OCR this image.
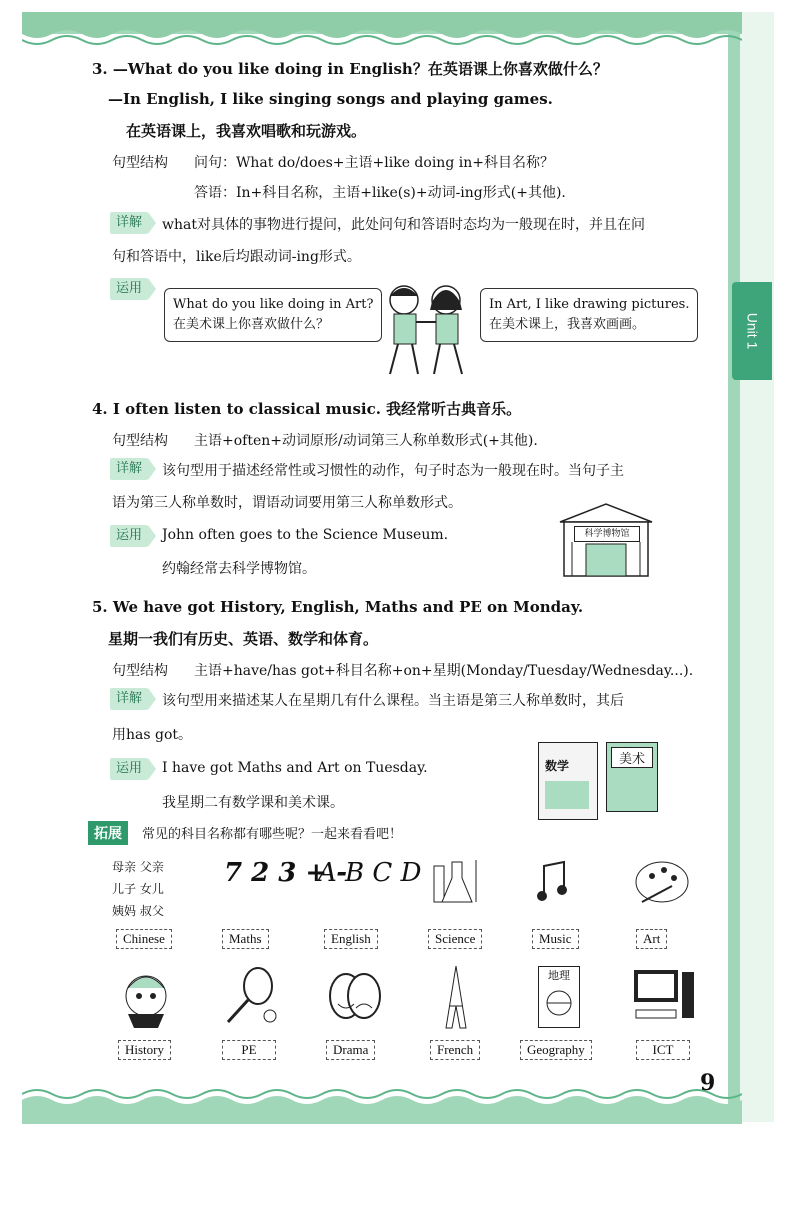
Unit 1
3. —What do you like doing in English？在英语课上你喜欢做什么？
—In English, I like singing songs and playing games.
在英语课上，我喜欢唱歌和玩游戏。
句型结构 问句：What do/does+主语+like doing in+科目名称？
答语：In+科目名称，主语+like(s)+动词-ing形式(+其他).
详解	what对具体的事物进行提问，此处问句和答语时态均为一般现在时，并且在问
句和答语中，like后均跟动词-ing形式。
运用
What do you like doing in Art?
在美术课上你喜欢做什么？
In Art, I like drawing pictures.
在美术课上，我喜欢画画。
4. I often listen to classical music. 我经常听古典音乐。
句型结构 主语+often+动词原形/动词第三人称单数形式(+其他).
详解	该句型用于描述经常性或习惯性的动作，句子时态为一般现在时。当句子主
语为第三人称单数时，谓语动词要用第三人称单数形式。
运用	John often goes to the Science Museum.
约翰经常去科学博物馆。
科学博物馆
5. We have got History, English, Maths and PE on Monday.
星期一我们有历史、英语、数学和体育。
句型结构 主语+have/has got+科目名称+on+星期(Monday/Tuesday/Wednesday...).
详解	该句型用来描述某人在星期几有什么课程。当主语是第三人称单数时，其后
用has got。
运用	I have got Maths and Art on Tuesday.
我星期二有数学课和美术课。
数学	美术
拓展	常见的科目名称都有哪些呢？一起来看看吧！
母亲 父亲
儿子 女儿
姨妈 叔父
7 2 3 + -
A B C D
Chinese	Maths	English	Science	Music	Art
地理
History	PE	Drama	French	Geography	ICT
9
